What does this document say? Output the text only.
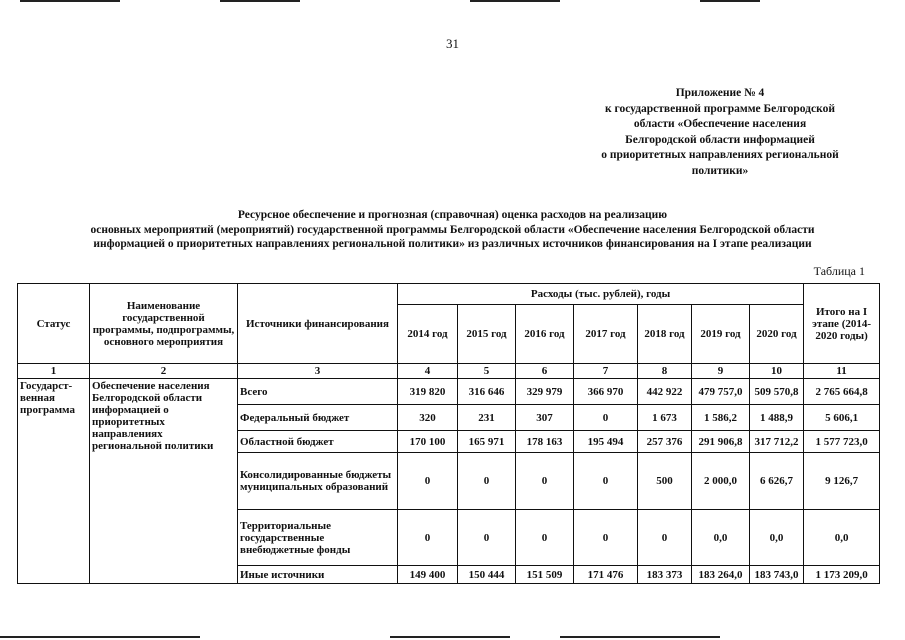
31
Приложение № 4
к государственной программе Белгородской
области «Обеспечение населения
Белгородской области информацией
о приоритетных направлениях региональной
политики»
Ресурсное обеспечение и прогнозная (справочная) оценка расходов на реализацию
основных мероприятий (мероприятий) государственной программы Белгородской области «Обеспечение населения Белгородской области
информацией о приоритетных направлениях региональной политики» из различных источников финансирования на I этапе реализации
Таблица 1
Статус	Наименование государственной программы, подпрограммы, основного мероприятия	Источники финансирования	Расходы (тыс. рублей), годы							Итого на I этапе (2014-2020 годы)
			2014 год	2015 год	2016 год	2017 год	2018 год	2019 год	2020 год	
1	2	3	4	5	6	7	8	9	10	11
Государст-венная программа	Обеспечение населения Белгородской области информацией о приоритетных направлениях региональной политики	Всего	319 820	316 646	329 979	366 970	442 922	479 757,0	509 570,8	2 765 664,8
		Федеральный бюджет	320	231	307	0	1 673	1 586,2	1 488,9	5 606,1
		Областной бюджет	170 100	165 971	178 163	195 494	257 376	291 906,8	317 712,2	1 577 723,0
		Консолидированные бюджеты муниципальных образований	0	0	0	0	500	2 000,0	6 626,7	9 126,7
		Территориальные государственные внебюджетные фонды	0	0	0	0	0	0,0	0,0	0,0
		Иные источники	149 400	150 444	151 509	171 476	183 373	183 264,0	183 743,0	1 173 209,0
